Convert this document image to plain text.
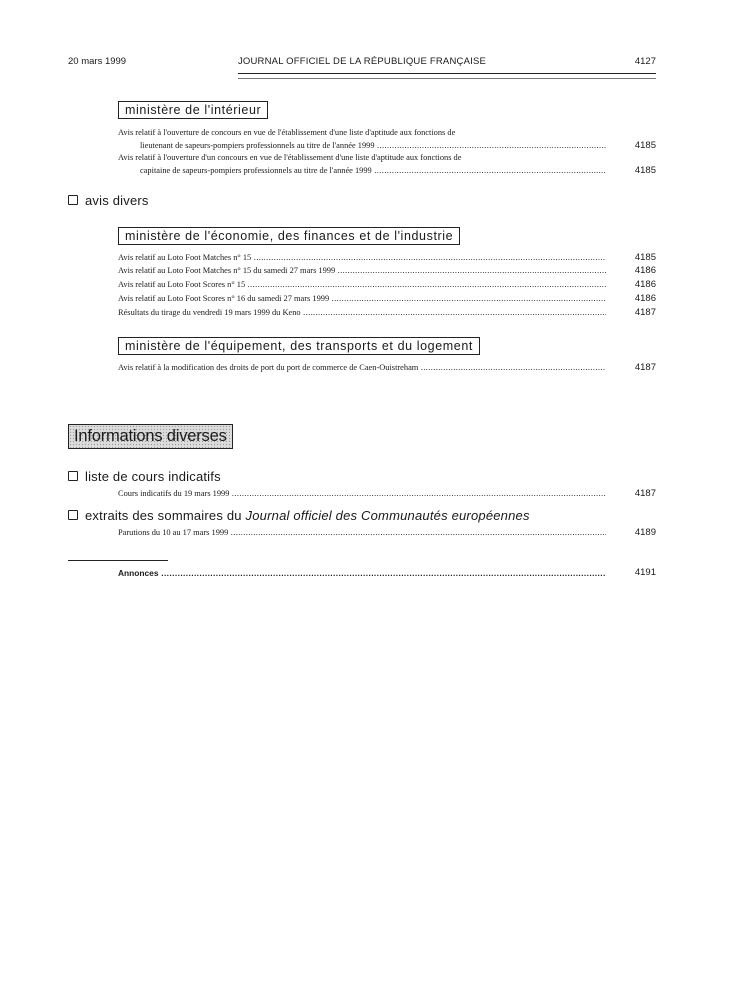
20 mars 1999	JOURNAL OFFICIEL DE LA RÉPUBLIQUE FRANÇAISE	4127
ministère de l'intérieur
Avis relatif à l'ouverture de concours en vue de l'établissement d'une liste d'aptitude aux fonctions de
lieutenant de sapeurs-pompiers professionnels au titre de l'année 1999 .....	4185
Avis relatif à l'ouverture d'un concours en vue de l'établissement d'une liste d'aptitude aux fonctions de
capitaine de sapeurs-pompiers professionnels au titre de l'année 1999 .....	4185
avis divers
ministère de l'économie, des finances et de l'industrie
Avis relatif au Loto Foot Matches n° 15 .....	4185
Avis relatif au Loto Foot Matches n° 15 du samedi 27 mars 1999 .....	4186
Avis relatif au Loto Foot Scores n° 15 .....	4186
Avis relatif au Loto Foot Scores n° 16 du samedi 27 mars 1999 .....	4186
Résultats du tirage du vendredi 19 mars 1999 du Keno .....	4187
ministère de l'équipement, des transports et du logement
Avis relatif à la modification des droits de port du port de commerce de Caen-Ouistreham .....	4187
Informations diverses
liste de cours indicatifs
Cours indicatifs du 19 mars 1999 .....	4187
extraits des sommaires du Journal officiel des Communautés européennes
Parutions du 10 au 17 mars 1999 .....	4189
Annonces .....	4191
